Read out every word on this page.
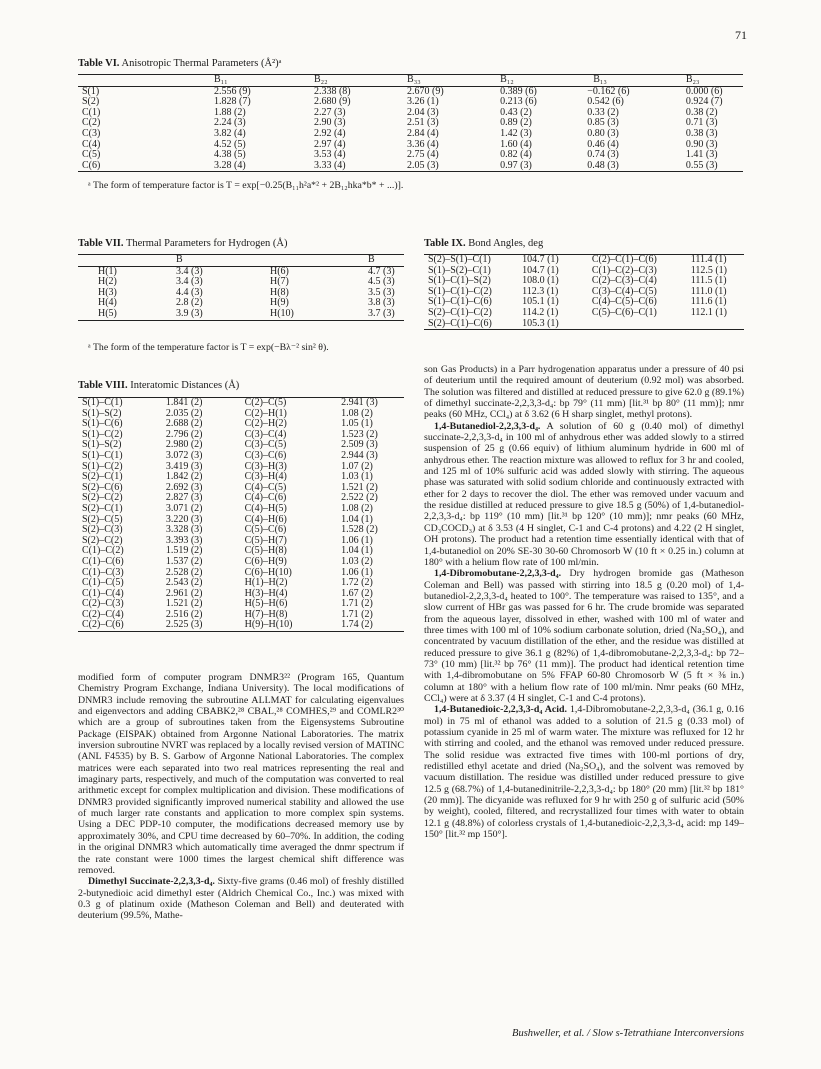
71
Table VI. Anisotropic Thermal Parameters (Å²)ᵃ
	B₁₁	B₂₂	B₃₃	B₁₂	B₁₃	B₂₃
S(1)	2.556 (9)	2.338 (8)	2.670 (9)	0.389 (6)	−0.162 (6)	0.000 (6)
S(2)	1.828 (7)	2.680 (9)	3.26 (1)	0.213 (6)	0.542 (6)	0.924 (7)
C(1)	1.88 (2)	2.27 (3)	2.04 (3)	0.43 (2)	0.33 (2)	0.38 (2)
C(2)	2.24 (3)	2.90 (3)	2.51 (3)	0.89 (2)	0.85 (3)	0.71 (3)
C(3)	3.82 (4)	2.92 (4)	2.84 (4)	1.42 (3)	0.80 (3)	0.38 (3)
C(4)	4.52 (5)	2.97 (4)	3.36 (4)	1.60 (4)	0.46 (4)	0.90 (3)
C(5)	4.38 (5)	3.53 (4)	2.75 (4)	0.82 (4)	0.74 (3)	1.41 (3)
C(6)	3.28 (4)	3.33 (4)	2.05 (3)	0.97 (3)	0.48 (3)	0.55 (3)
ᵃ The form of temperature factor is T = exp[−0.25(B₁₁h²a*² + 2B₁₂hka*b* + ...)].
Table VII. Thermal Parameters for Hydrogen (Å)
	B		B
H(1)	3.4 (3)	H(6)	4.7 (3)
H(2)	3.4 (3)	H(7)	4.5 (3)
H(3)	4.4 (3)	H(8)	3.5 (3)
H(4)	2.8 (2)	H(9)	3.8 (3)
H(5)	3.9 (3)	H(10)	3.7 (3)
ᵃ The form of the temperature factor is T = exp(−Bλ⁻² sin² θ).
Table IX. Bond Angles, deg
S(2)–S(1)–C(1)	104.7 (1)	C(2)–C(1)–C(6)	111.4 (1)
S(1)–S(2)–C(1)	104.7 (1)	C(1)–C(2)–C(3)	112.5 (1)
S(1)–C(1)–S(2)	108.0 (1)	C(2)–C(3)–C(4)	111.5 (1)
S(1)–C(1)–C(2)	112.3 (1)	C(3)–C(4)–C(5)	111.0 (1)
S(1)–C(1)–C(6)	105.1 (1)	C(4)–C(5)–C(6)	111.6 (1)
S(2)–C(1)–C(2)	114.2 (1)	C(5)–C(6)–C(1)	112.1 (1)
S(2)–C(1)–C(6)	105.3 (1)		
Table VIII. Interatomic Distances (Å)
S(1)–C(1)	1.841 (2)	C(2)–C(5)	2.941 (3)
S(1)–S(2)	2.035 (2)	C(2)–H(1)	1.08 (2)
S(1)–C(6)	2.688 (2)	C(2)–H(2)	1.05 (1)
S(1)–C(2)	2.796 (2)	C(3)–C(4)	1.523 (2)
S(1)–S(2)	2.980 (2)	C(3)–C(5)	2.509 (3)
S(1)–C(1)	3.072 (3)	C(3)–C(6)	2.944 (3)
S(1)–C(2)	3.419 (3)	C(3)–H(3)	1.07 (2)
S(2)–C(1)	1.842 (2)	C(3)–H(4)	1.03 (1)
S(2)–C(6)	2.692 (3)	C(4)–C(5)	1.521 (2)
S(2)–C(2)	2.827 (3)	C(4)–C(6)	2.522 (2)
S(2)–C(1)	3.071 (2)	C(4)–H(5)	1.08 (2)
S(2)–C(5)	3.220 (3)	C(4)–H(6)	1.04 (1)
S(2)–C(3)	3.328 (3)	C(5)–C(6)	1.528 (2)
S(2)–C(2)	3.393 (3)	C(5)–H(7)	1.06 (1)
C(1)–C(2)	1.519 (2)	C(5)–H(8)	1.04 (1)
C(1)–C(6)	1.537 (2)	C(6)–H(9)	1.03 (2)
C(1)–C(3)	2.528 (2)	C(6)–H(10)	1.06 (1)
C(1)–C(5)	2.543 (2)	H(1)–H(2)	1.72 (2)
C(1)–C(4)	2.961 (2)	H(3)–H(4)	1.67 (2)
C(2)–C(3)	1.521 (2)	H(5)–H(6)	1.71 (2)
C(2)–C(4)	2.516 (2)	H(7)–H(8)	1.71 (2)
C(2)–C(6)	2.525 (3)	H(9)–H(10)	1.74 (2)

modified form of computer program DNMR3²² (Program 165, Quantum Chemistry Program Exchange, Indiana University). The local modifications of DNMR3 include removing the subroutine ALLMAT for calculating eigenvalues and eigenvectors and adding CBABK2,²⁸ CBAL,²⁸ COMHES,²⁹ and COMLR2³⁰ which are a group of subroutines taken from the Eigensystems Subroutine Package (EISPAK) obtained from Argonne National Laboratories. The matrix inversion subroutine NVRT was replaced by a locally revised version of MATINC (ANL F4535) by B. S. Garbow of Argonne National Laboratories. The complex matrices were each separated into two real matrices representing the real and imaginary parts, respectively, and much of the computation was converted to real arithmetic except for complex multiplication and division. These modifications of DNMR3 provided significantly improved numerical stability and allowed the use of much larger rate constants and application to more complex spin systems. Using a DEC PDP-10 computer, the modifications decreased memory use by approximately 30%, and CPU time decreased by 60–70%. In addition, the coding in the original DNMR3 which automatically time averaged the dnmr spectrum if the rate constant were 1000 times the largest chemical shift difference was removed.

Dimethyl Succinate-2,2,3,3-d₄. Sixty-five grams (0.46 mol) of freshly distilled 2-butynedioic acid dimethyl ester (Aldrich Chemical Co., Inc.) was mixed with 0.3 g of platinum oxide (Matheson Coleman and Bell) and deuterated with deuterium (99.5%, Mathe-

son Gas Products) in a Parr hydrogenation apparatus under a pressure of 40 psi of deuterium until the required amount of deuterium (0.92 mol) was absorbed. The solution was filtered and distilled at reduced pressure to give 62.0 g (89.1%) of dimethyl succinate-2,2,3,3-d₄: bp 79° (11 mm) [lit.³¹ bp 80° (11 mm)]; nmr peaks (60 MHz, CCl₄) at δ 3.62 (6 H sharp singlet, methyl protons).

1,4-Butanediol-2,2,3,3-d₄. A solution of 60 g (0.40 mol) of dimethyl succinate-2,2,3,3-d₄ in 100 ml of anhydrous ether was added slowly to a stirred suspension of 25 g (0.66 equiv) of lithium aluminum hydride in 600 ml of anhydrous ether. The reaction mixture was allowed to reflux for 3 hr and cooled, and 125 ml of 10% sulfuric acid was added slowly with stirring. The aqueous phase was saturated with solid sodium chloride and continuously extracted with ether for 2 days to recover the diol. The ether was removed under vacuum and the residue distilled at reduced pressure to give 18.5 g (50%) of 1,4-butanediol-2,2,3,3-d₄: bp 119° (10 mm) [lit.³¹ bp 120° (10 mm)]; nmr peaks (60 MHz, CD₃COCD₃) at δ 3.53 (4 H singlet, C-1 and C-4 protons) and 4.22 (2 H singlet, OH protons). The product had a retention time essentially identical with that of 1,4-butanediol on 20% SE-30 30-60 Chromosorb W (10 ft × 0.25 in.) column at 180° with a helium flow rate of 100 ml/min.

1,4-Dibromobutane-2,2,3,3-d₄. Dry hydrogen bromide gas (Matheson Coleman and Bell) was passed with stirring into 18.5 g (0.20 mol) of 1,4-butanediol-2,2,3,3-d₄ heated to 100°. The temperature was raised to 135°, and a slow current of HBr gas was passed for 6 hr. The crude bromide was separated from the aqueous layer, dissolved in ether, washed with 100 ml of water and three times with 100 ml of 10% sodium carbonate solution, dried (Na₂SO₄), and concentrated by vacuum distillation of the ether, and the residue was distilled at reduced pressure to give 36.1 g (82%) of 1,4-dibromobutane-2,2,3,3-d₄: bp 72–73° (10 mm) [lit.³² bp 76° (11 mm)]. The product had identical retention time with 1,4-dibromobutane on 5% FFAP 60-80 Chromosorb W (5 ft × ⅜ in.) column at 180° with a helium flow rate of 100 ml/min. Nmr peaks (60 MHz, CCl₄) were at δ 3.37 (4 H singlet, C-1 and C-4 protons).

1,4-Butanedioic-2,2,3,3-d₄ Acid. 1,4-Dibromobutane-2,2,3,3-d₄ (36.1 g, 0.16 mol) in 75 ml of ethanol was added to a solution of 21.5 g (0.33 mol) of potassium cyanide in 25 ml of warm water. The mixture was refluxed for 12 hr with stirring and cooled, and the ethanol was removed under reduced pressure. The solid residue was extracted five times with 100-ml portions of dry, redistilled ethyl acetate and dried (Na₂SO₄), and the solvent was removed by vacuum distillation. The residue was distilled under reduced pressure to give 12.5 g (68.7%) of 1,4-butanedinitrile-2,2,3,3-d₄: bp 180° (20 mm) [lit.³² bp 181° (20 mm)]. The dicyanide was refluxed for 9 hr with 250 g of sulfuric acid (50% by weight), cooled, filtered, and recrystallized four times with water to obtain 12.1 g (48.8%) of colorless crystals of 1,4-butanedioic-2,2,3,3-d₄ acid: mp 149–150° [lit.³² mp 150°].

Bushweller, et al. / Slow s-Tetrathiane Interconversions
